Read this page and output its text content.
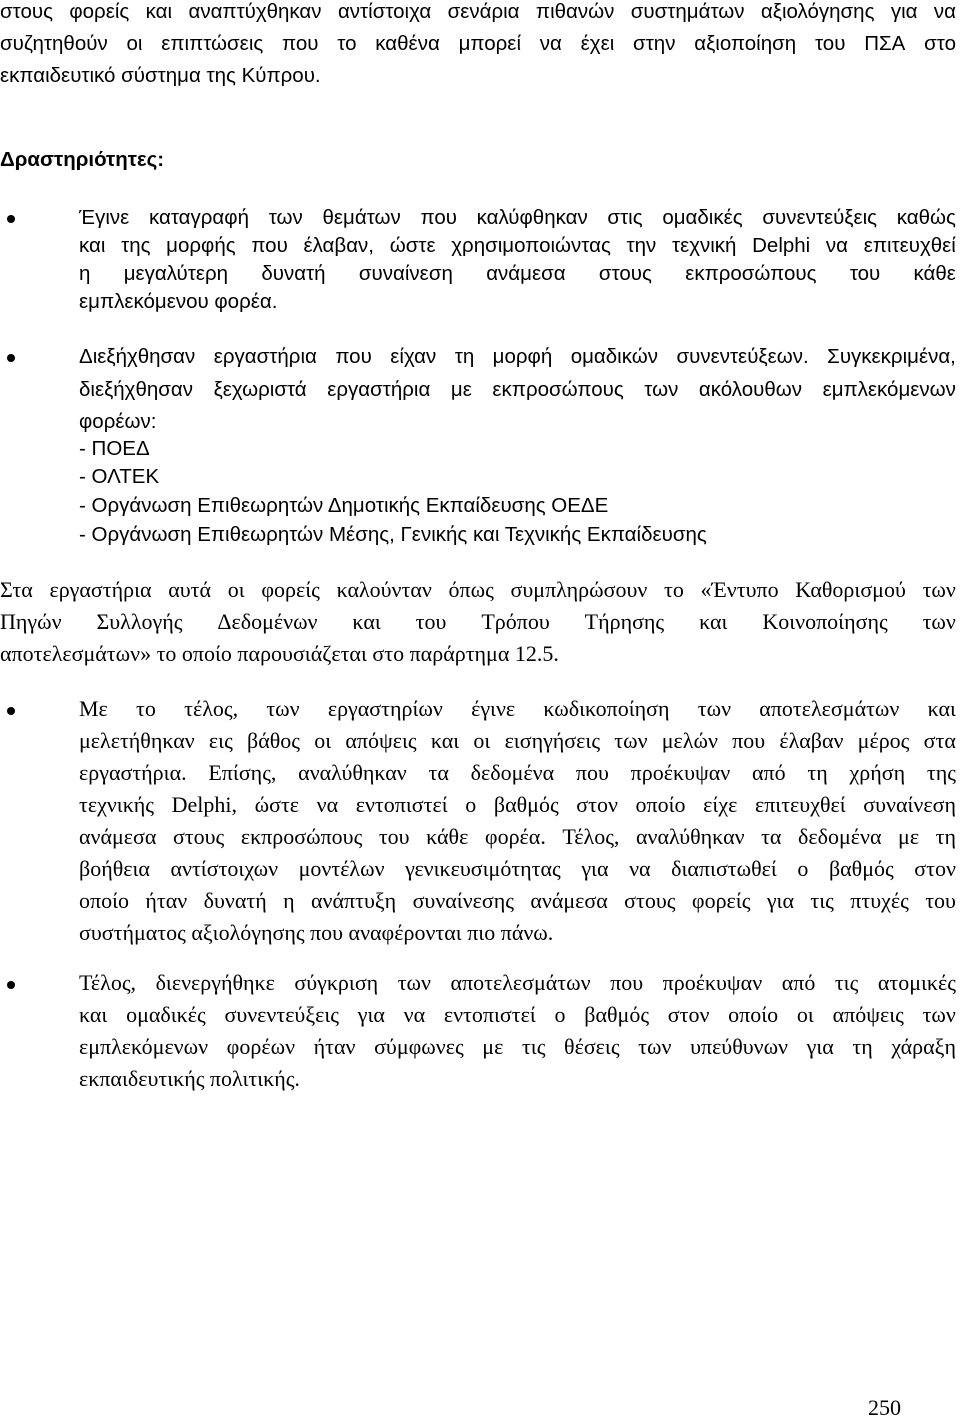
στους φορείς και αναπτύχθηκαν αντίστοιχα σενάρια πιθανών συστημάτων αξιολόγησης για να
συζητηθούν οι επιπτώσεις που το καθένα μπορεί να έχει στην αξιοποίηση του ΠΣΑ στο
εκπαιδευτικό σύστημα της Κύπρου.
Δραστηριότητες:
Έγινε καταγραφή των θεμάτων που καλύφθηκαν στις ομαδικές συνεντεύξεις καθώς
και της μορφής που έλαβαν, ώστε χρησιμοποιώντας την τεχνική Delphi να επιτευχθεί
η μεγαλύτερη δυνατή συναίνεση ανάμεσα στους εκπροσώπους του κάθε
εμπλεκόμενου φορέα.
Διεξήχθησαν εργαστήρια που είχαν τη μορφή ομαδικών συνεντεύξεων. Συγκεκριμένα,
διεξήχθησαν ξεχωριστά εργαστήρια με εκπροσώπους των ακόλουθων εμπλεκόμενων
φορέων:
- ΠΟΕΔ
- ΟΛΤΕΚ
- Οργάνωση Επιθεωρητών Δημοτικής Εκπαίδευσης ΟΕΔΕ
- Οργάνωση Επιθεωρητών Μέσης, Γενικής και Τεχνικής Εκπαίδευσης
Στα εργαστήρια αυτά οι φορείς καλούνταν όπως συμπληρώσουν το «Έντυπο Καθορισμού των
Πηγών Συλλογής Δεδομένων και του Τρόπου Τήρησης και Κοινοποίησης των
αποτελεσμάτων» το οποίο παρουσιάζεται στο παράρτημα 12.5.
Με το τέλος, των εργαστηρίων έγινε κωδικοποίηση των αποτελεσμάτων και
μελετήθηκαν εις βάθος οι απόψεις και οι εισηγήσεις των μελών που έλαβαν μέρος στα
εργαστήρια. Επίσης, αναλύθηκαν τα δεδομένα που προέκυψαν από τη χρήση της
τεχνικής Delphi, ώστε να εντοπιστεί ο βαθμός στον οποίο είχε επιτευχθεί συναίνεση
ανάμεσα στους εκπροσώπους του κάθε φορέα. Τέλος, αναλύθηκαν τα δεδομένα με τη
βοήθεια αντίστοιχων μοντέλων γενικευσιμότητας για να διαπιστωθεί ο βαθμός στον
οποίο ήταν δυνατή η ανάπτυξη συναίνεσης ανάμεσα στους φορείς για τις πτυχές του
συστήματος αξιολόγησης που αναφέρονται πιο πάνω.
Τέλος, διενεργήθηκε σύγκριση των αποτελεσμάτων που προέκυψαν από τις ατομικές
και ομαδικές συνεντεύξεις για να εντοπιστεί ο βαθμός στον οποίο οι απόψεις των
εμπλεκόμενων φορέων ήταν σύμφωνες με τις θέσεις των υπεύθυνων για τη χάραξη
εκπαιδευτικής πολιτικής.
250
